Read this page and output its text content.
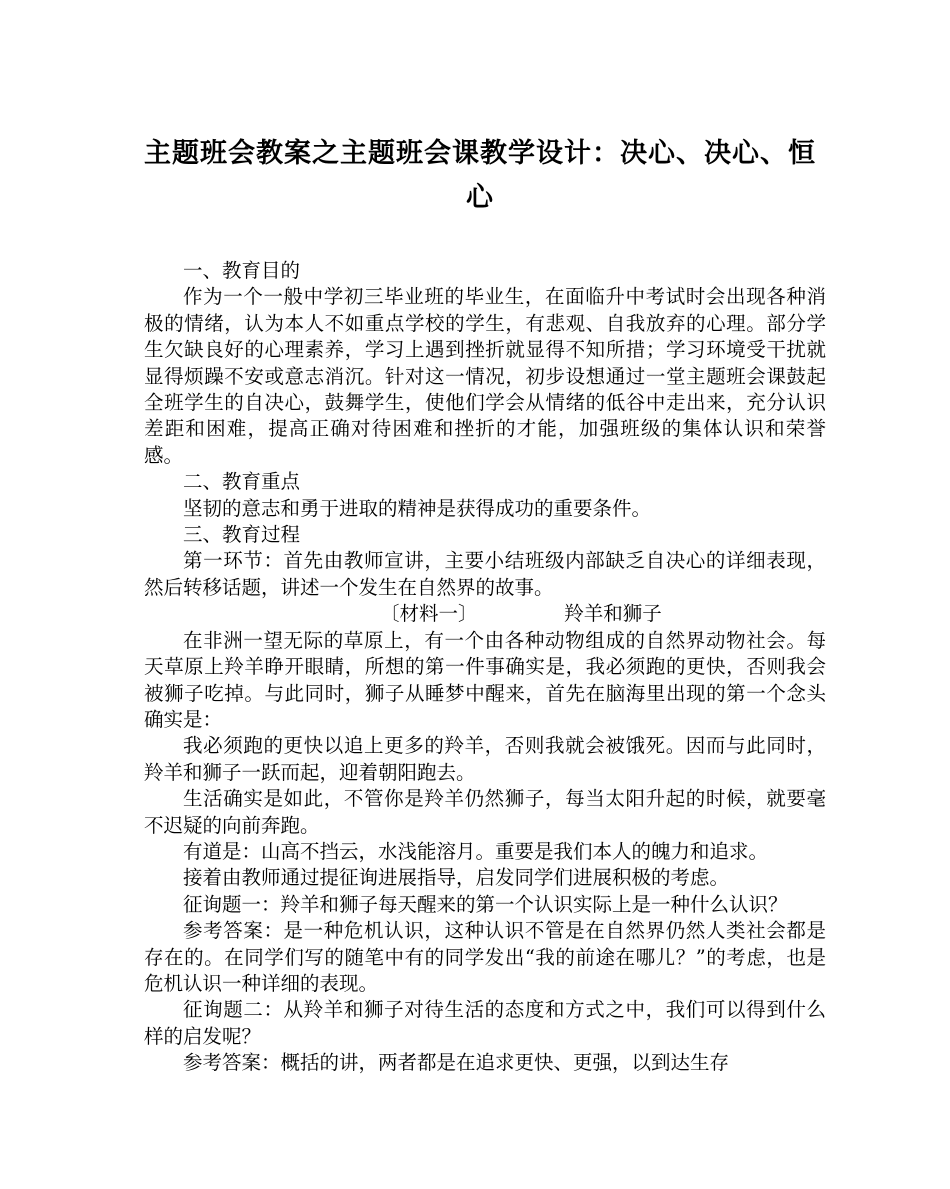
主题班会教案之主题班会课教学设计：决心、决心、恒心

一、教育目的

作为一个一般中学初三毕业班的毕业生，在面临升中考试时会出现各种消极的情绪，认为本人不如重点学校的学生，有悲观、自我放弃的心理。部分学生欠缺良好的心理素养，学习上遇到挫折就显得不知所措；学习环境受干扰就显得烦躁不安或意志消沉。针对这一情况，初步设想通过一堂主题班会课鼓起全班学生的自决心，鼓舞学生，使他们学会从情绪的低谷中走出来，充分认识差距和困难，提高正确对待困难和挫折的才能，加强班级的集体认识和荣誉感。

二、教育重点

坚韧的意志和勇于进取的精神是获得成功的重要条件。

三、教育过程

第一环节：首先由教师宣讲，主要小结班级内部缺乏自决心的详细表现，然后转移话题，讲述一个发生在自然界的故事。

〔材料一〕              羚羊和狮子

在非洲一望无际的草原上，有一个由各种动物组成的自然界动物社会。每天草原上羚羊睁开眼睛，所想的第一件事确实是，我必须跑的更快，否则我会被狮子吃掉。与此同时，狮子从睡梦中醒来，首先在脑海里出现的第一个念头确实是：

我必须跑的更快以追上更多的羚羊，否则我就会被饿死。因而与此同时，羚羊和狮子一跃而起，迎着朝阳跑去。

生活确实是如此，不管你是羚羊仍然狮子，每当太阳升起的时候，就要毫不迟疑的向前奔跑。

有道是：山高不挡云，水浅能溶月。重要是我们本人的魄力和追求。

接着由教师通过提征询进展指导，启发同学们进展积极的考虑。

征询题一：羚羊和狮子每天醒来的第一个认识实际上是一种什么认识？

参考答案：是一种危机认识，这种认识不管是在自然界仍然人类社会都是存在的。在同学们写的随笔中有的同学发出“我的前途在哪儿？”的考虑，也是危机认识一种详细的表现。

征询题二：从羚羊和狮子对待生活的态度和方式之中，我们可以得到什么样的启发呢？

参考答案：概括的讲，两者都是在追求更快、更强，以到达生存
